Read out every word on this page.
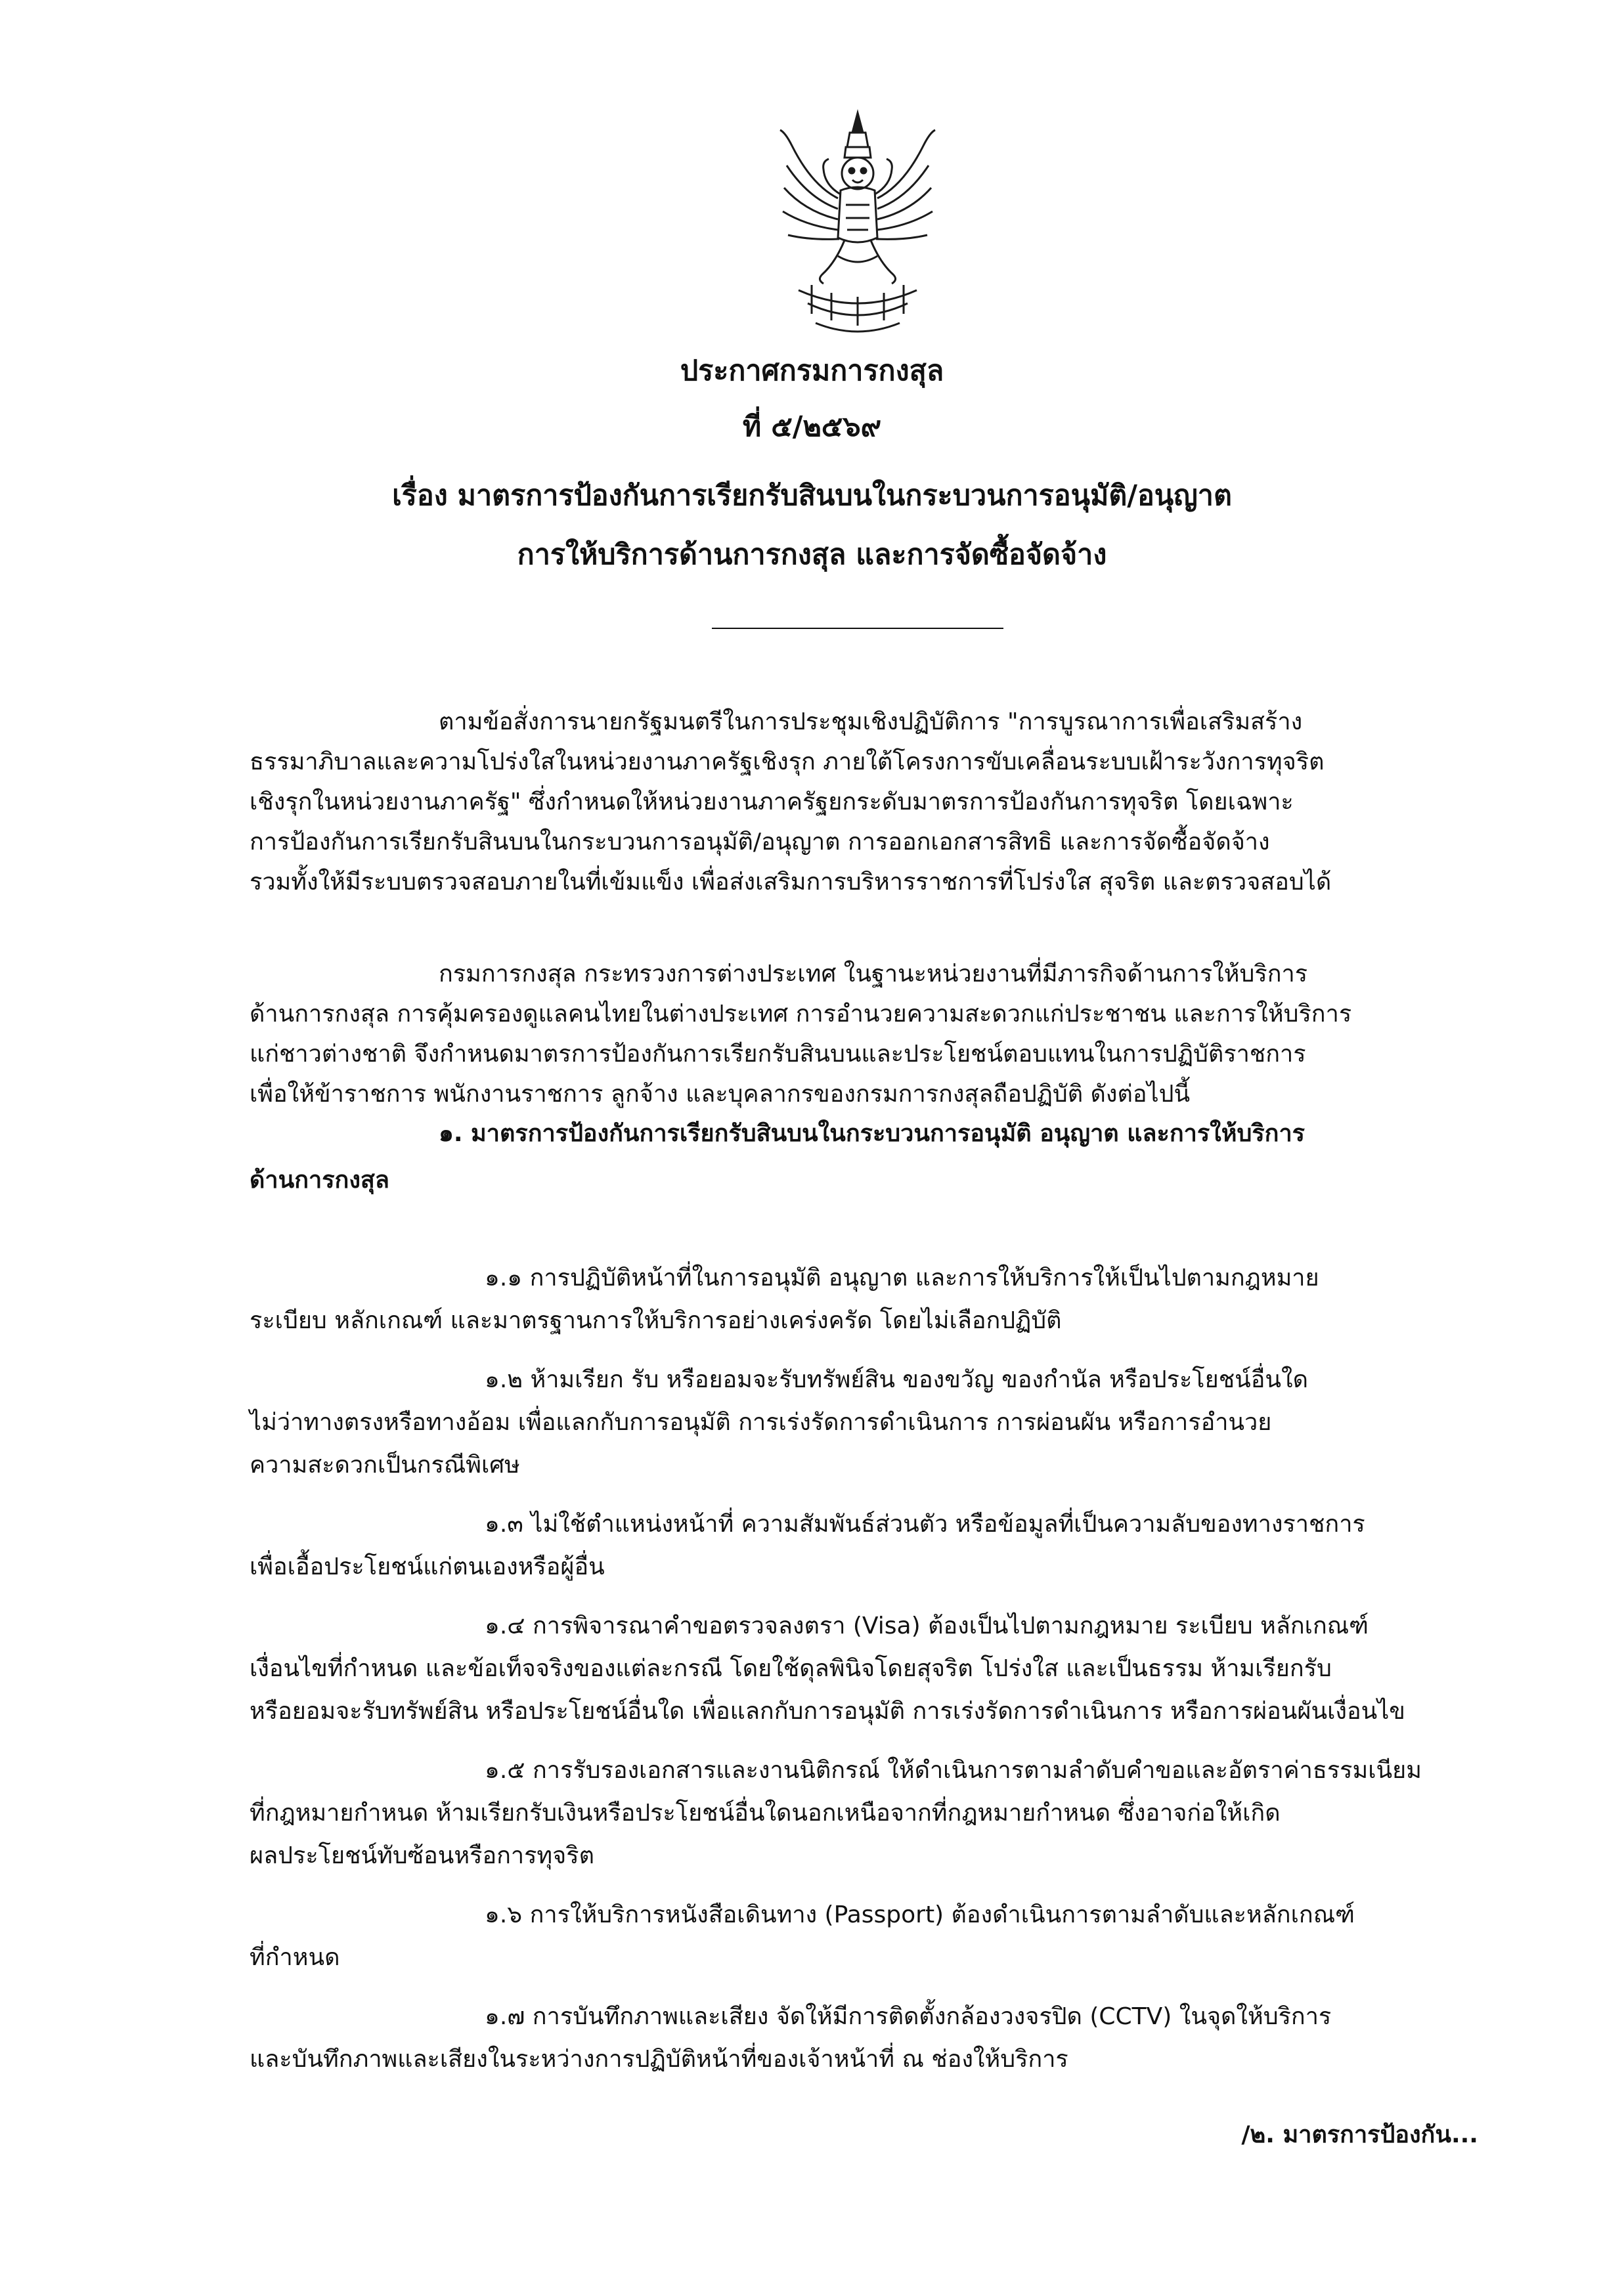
ประกาศกรมการกงสุล
ที่ ๕/๒๕๖๙
เรื่อง มาตรการป้องกันการเรียกรับสินบนในกระบวนการอนุมัติ/อนุญาต
การให้บริการด้านการกงสุล และการจัดซื้อจัดจ้าง
ตามข้อสั่งการนายกรัฐมนตรีในการประชุมเชิงปฏิบัติการ "การบูรณาการเพื่อเสริมสร้าง
ธรรมาภิบาลและความโปร่งใสในหน่วยงานภาครัฐเชิงรุก ภายใต้โครงการขับเคลื่อนระบบเฝ้าระวังการทุจริต
เชิงรุกในหน่วยงานภาครัฐ" ซึ่งกำหนดให้หน่วยงานภาครัฐยกระดับมาตรการป้องกันการทุจริต โดยเฉพาะ
การป้องกันการเรียกรับสินบนในกระบวนการอนุมัติ/อนุญาต การออกเอกสารสิทธิ และการจัดซื้อจัดจ้าง
รวมทั้งให้มีระบบตรวจสอบภายในที่เข้มแข็ง เพื่อส่งเสริมการบริหารราชการที่โปร่งใส สุจริต และตรวจสอบได้
กรมการกงสุล กระทรวงการต่างประเทศ ในฐานะหน่วยงานที่มีภารกิจด้านการให้บริการ
ด้านการกงสุล การคุ้มครองดูแลคนไทยในต่างประเทศ การอำนวยความสะดวกแก่ประชาชน และการให้บริการ
แก่ชาวต่างชาติ จึงกำหนดมาตรการป้องกันการเรียกรับสินบนและประโยชน์ตอบแทนในการปฏิบัติราชการ
เพื่อให้ข้าราชการ พนักงานราชการ ลูกจ้าง และบุคลากรของกรมการกงสุลถือปฏิบัติ ดังต่อไปนี้
๑. มาตรการป้องกันการเรียกรับสินบนในกระบวนการอนุมัติ อนุญาต และการให้บริการ
ด้านการกงสุล
๑.๑ การปฏิบัติหน้าที่ในการอนุมัติ อนุญาต และการให้บริการให้เป็นไปตามกฎหมาย
ระเบียบ หลักเกณฑ์ และมาตรฐานการให้บริการอย่างเคร่งครัด โดยไม่เลือกปฏิบัติ
๑.๒ ห้ามเรียก รับ หรือยอมจะรับทรัพย์สิน ของขวัญ ของกำนัล หรือประโยชน์อื่นใด
ไม่ว่าทางตรงหรือทางอ้อม เพื่อแลกกับการอนุมัติ การเร่งรัดการดำเนินการ การผ่อนผัน หรือการอำนวย
ความสะดวกเป็นกรณีพิเศษ
๑.๓ ไม่ใช้ตำแหน่งหน้าที่ ความสัมพันธ์ส่วนตัว หรือข้อมูลที่เป็นความลับของทางราชการ
เพื่อเอื้อประโยชน์แก่ตนเองหรือผู้อื่น
๑.๔ การพิจารณาคำขอตรวจลงตรา (Visa) ต้องเป็นไปตามกฎหมาย ระเบียบ หลักเกณฑ์
เงื่อนไขที่กำหนด และข้อเท็จจริงของแต่ละกรณี โดยใช้ดุลพินิจโดยสุจริต โปร่งใส และเป็นธรรม ห้ามเรียกรับ
หรือยอมจะรับทรัพย์สิน หรือประโยชน์อื่นใด เพื่อแลกกับการอนุมัติ การเร่งรัดการดำเนินการ หรือการผ่อนผันเงื่อนไข
๑.๕ การรับรองเอกสารและงานนิติกรณ์ ให้ดำเนินการตามลำดับคำขอและอัตราค่าธรรมเนียม
ที่กฎหมายกำหนด ห้ามเรียกรับเงินหรือประโยชน์อื่นใดนอกเหนือจากที่กฎหมายกำหนด ซึ่งอาจก่อให้เกิด
ผลประโยชน์ทับซ้อนหรือการทุจริต
๑.๖ การให้บริการหนังสือเดินทาง (Passport) ต้องดำเนินการตามลำดับและหลักเกณฑ์
ที่กำหนด
๑.๗ การบันทึกภาพและเสียง จัดให้มีการติดตั้งกล้องวงจรปิด (CCTV) ในจุดให้บริการ
และบันทึกภาพและเสียงในระหว่างการปฏิบัติหน้าที่ของเจ้าหน้าที่ ณ ช่องให้บริการ
/๒. มาตรการป้องกัน...
